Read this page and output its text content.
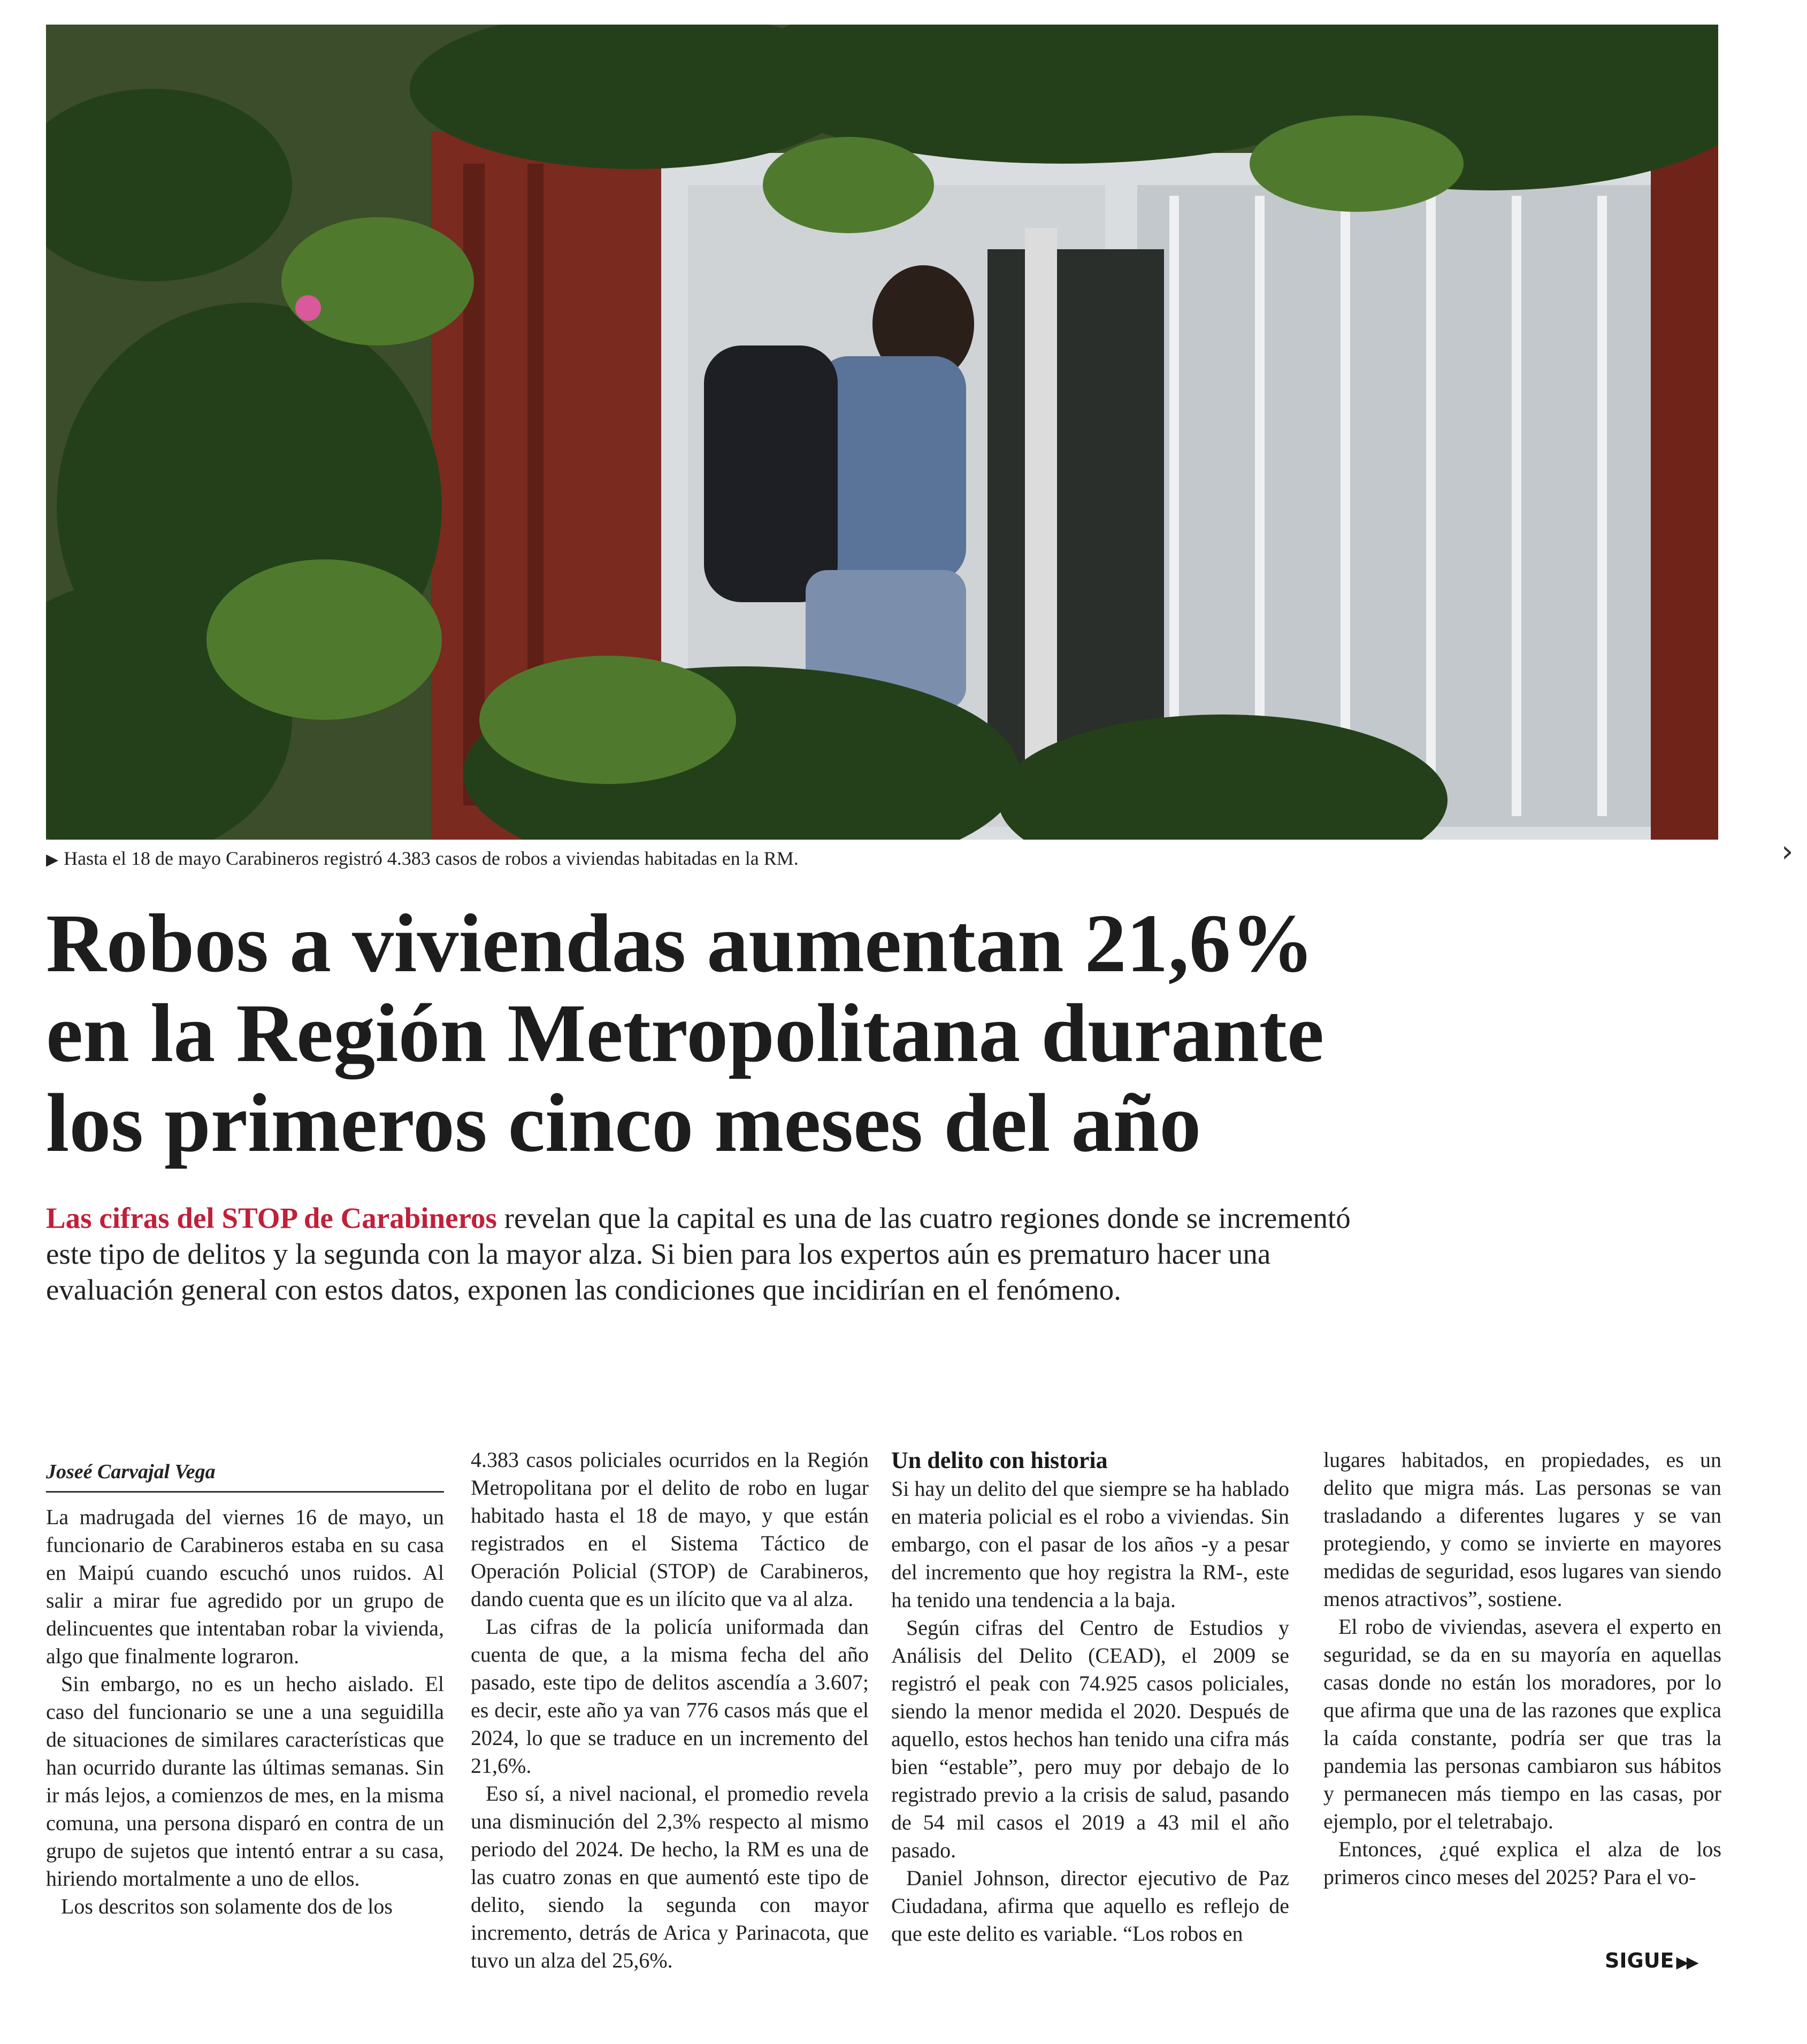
▶ Hasta el 18 de mayo Carabineros registró 4.383 casos de robos a viviendas habitadas en la RM.	›
Robos a viviendas aumentan 21,6%
en la Región Metropolitana durante
los primeros cinco meses del año
Las cifras del STOP de Carabineros revelan que la capital es una de las cuatro regiones donde se incrementó este tipo de delitos y la segunda con la mayor alza. Si bien para los expertos aún es prematuro hacer una evaluación general con estos datos, exponen las condiciones que incidirían en el fenómeno.
Joseé Carvajal Vega

La madrugada del viernes 16 de mayo, un funcionario de Carabineros estaba en su casa en Maipú cuando escuchó unos ruidos. Al salir a mirar fue agredido por un grupo de delincuentes que intentaban robar la vivienda, algo que finalmente lograron.

Sin embargo, no es un hecho aislado. El caso del funcionario se une a una seguidilla de situaciones de similares características que han ocurrido durante las últimas semanas. Sin ir más lejos, a comienzos de mes, en la misma comuna, una persona disparó en contra de un grupo de sujetos que intentó entrar a su casa, hiriendo mortalmente a uno de ellos.

Los descritos son solamente dos de los

4.383 casos policiales ocurridos en la Región Metropolitana por el delito de robo en lugar habitado hasta el 18 de mayo, y que están registrados en el Sistema Táctico de Operación Policial (STOP) de Carabineros, dando cuenta que es un ilícito que va al alza.

Las cifras de la policía uniformada dan cuenta de que, a la misma fecha del año pasado, este tipo de delitos ascendía a 3.607; es decir, este año ya van 776 casos más que el 2024, lo que se traduce en un incremento del 21,6%.

Eso sí, a nivel nacional, el promedio revela una disminución del 2,3% respecto al mismo periodo del 2024. De hecho, la RM es una de las cuatro zonas en que aumentó este tipo de delito, siendo la segunda con mayor incremento, detrás de Arica y Parinacota, que tuvo un alza del 25,6%.

Un delito con historia

Si hay un delito del que siempre se ha hablado en materia policial es el robo a viviendas. Sin embargo, con el pasar de los años -y a pesar del incremento que hoy registra la RM-, este ha tenido una tendencia a la baja.

Según cifras del Centro de Estudios y Análisis del Delito (CEAD), el 2009 se registró el peak con 74.925 casos policiales, siendo la menor medida el 2020. Después de aquello, estos hechos han tenido una cifra más bien “estable”, pero muy por debajo de lo registrado previo a la crisis de salud, pasando de 54 mil casos el 2019 a 43 mil el año pasado.

Daniel Johnson, director ejecutivo de Paz Ciudadana, afirma que aquello es reflejo de que este delito es variable. “Los robos en

lugares habitados, en propiedades, es un delito que migra más. Las personas se van trasladando a diferentes lugares y se van protegiendo, y como se invierte en mayores medidas de seguridad, esos lugares van siendo menos atractivos”, sostiene.

El robo de viviendas, asevera el experto en seguridad, se da en su mayoría en aquellas casas donde no están los moradores, por lo que afirma que una de las razones que explica la caída constante, podría ser que tras la pandemia las personas cambiaron sus hábitos y permanecen más tiempo en las casas, por ejemplo, por el teletrabajo.

Entonces, ¿qué explica el alza de los primeros cinco meses del 2025? Para el vo-

SIGUE ▶▶
